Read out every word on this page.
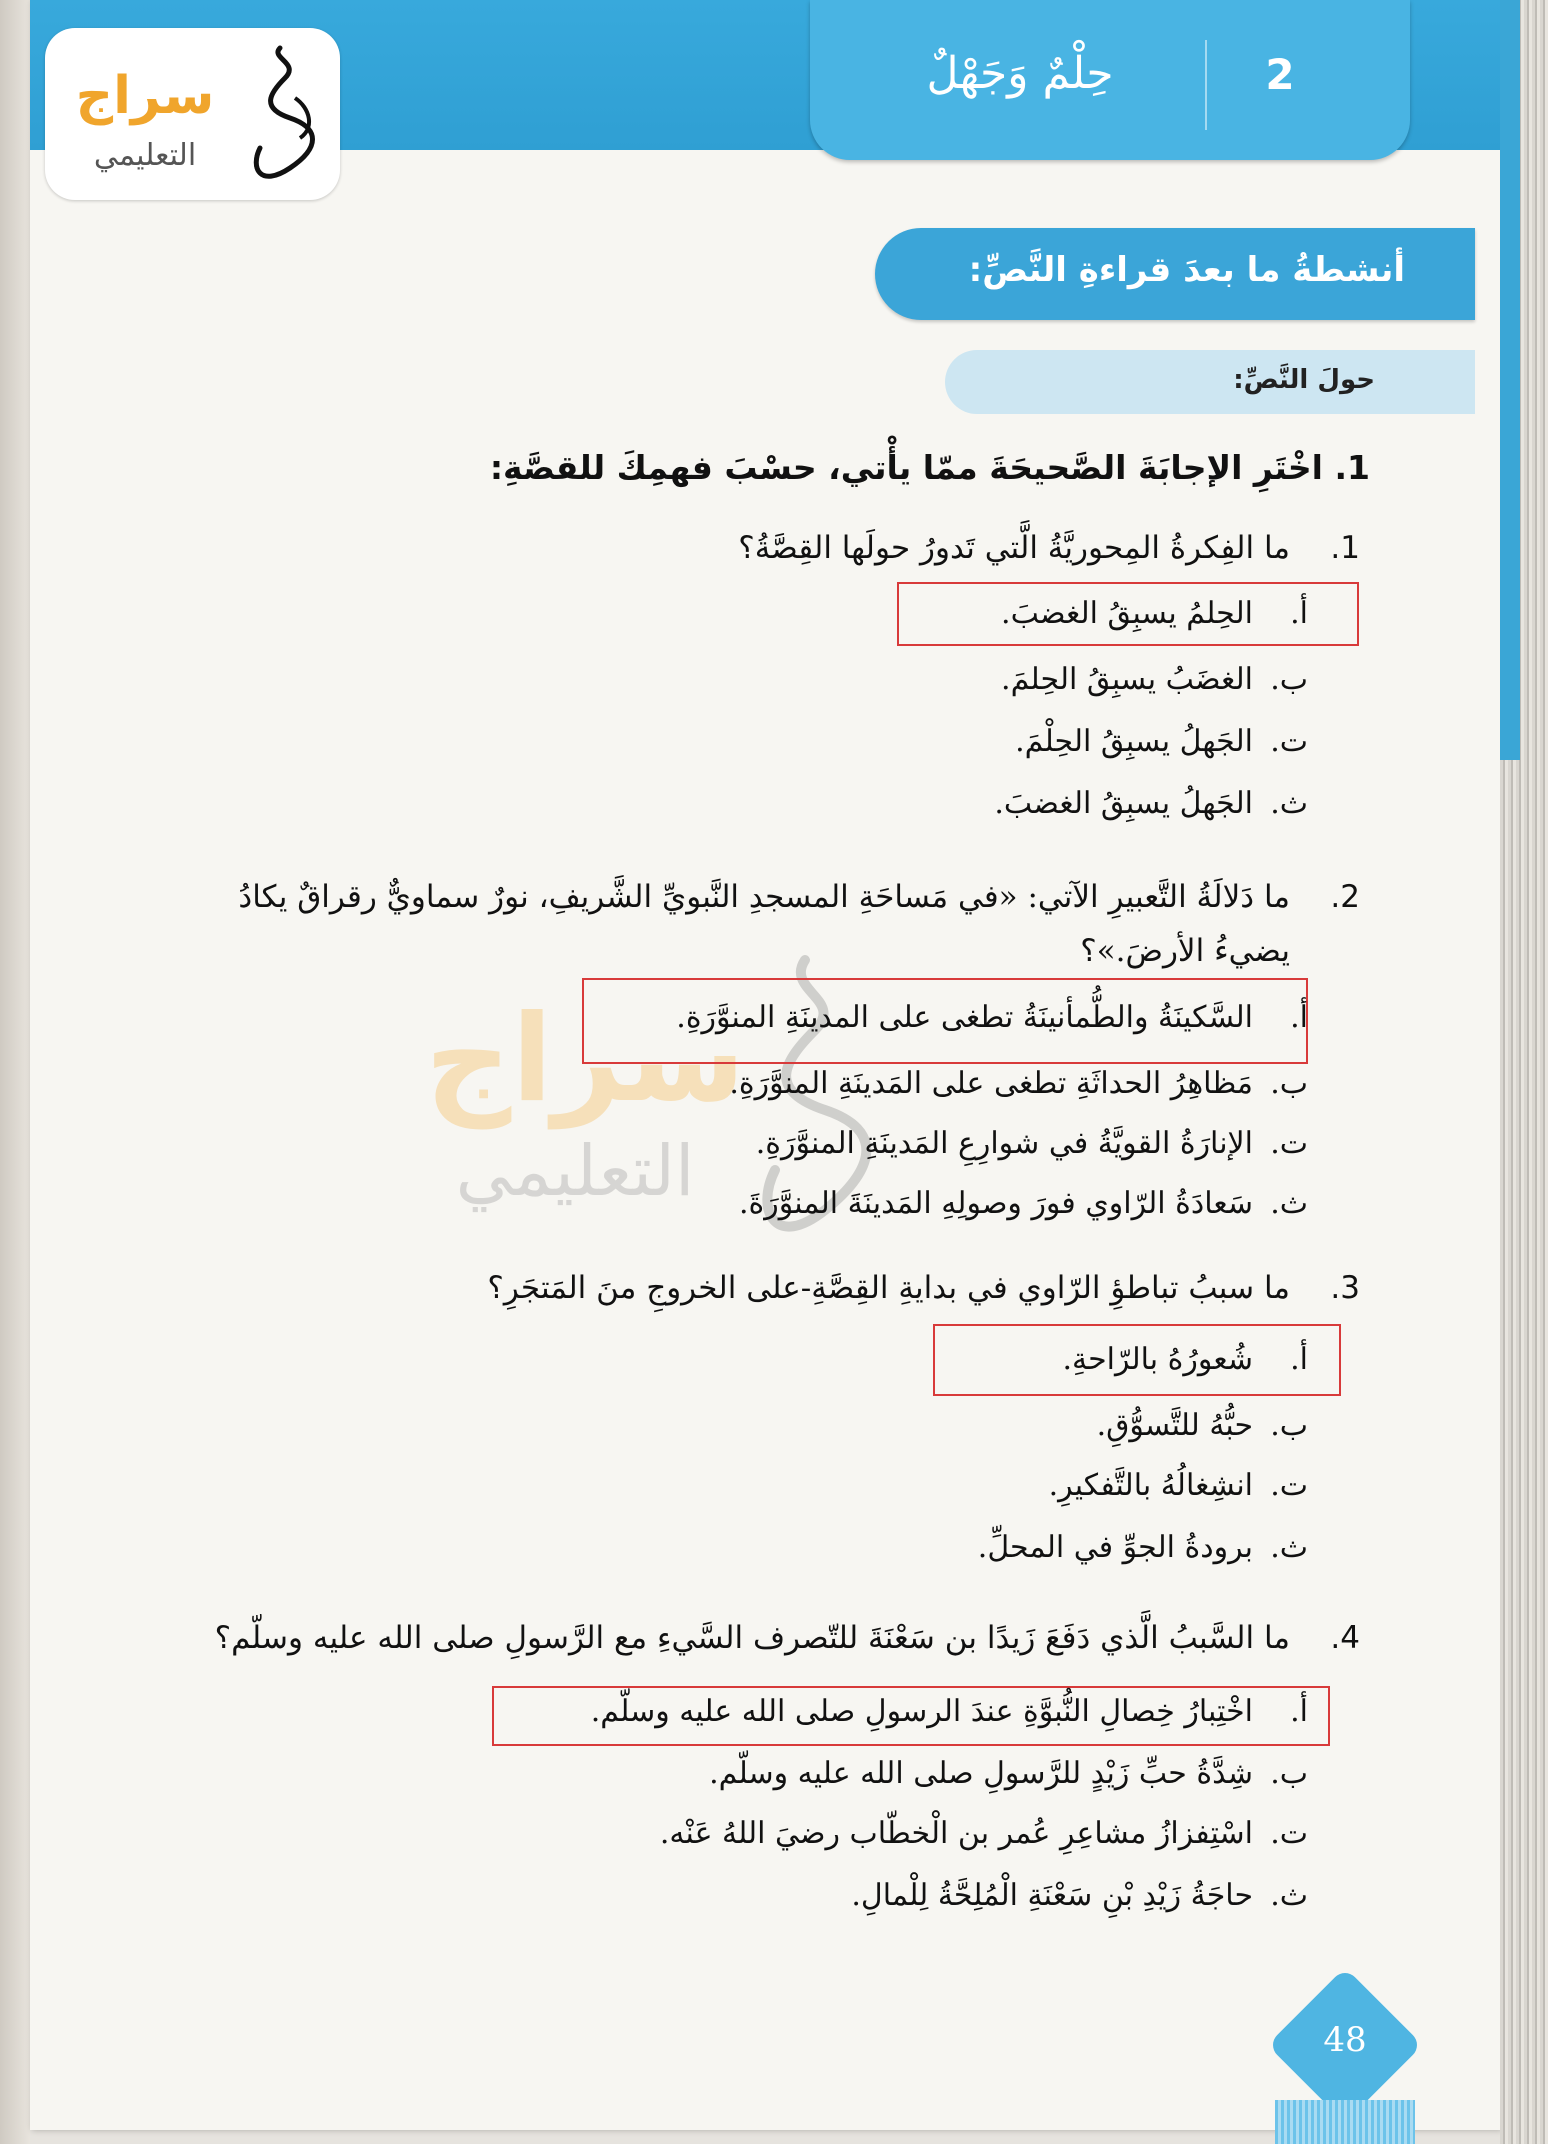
حِلْمٌ وَجَهْلٌ	2
سراج
التعليمي
سراج
التعليمي
أنشطةُ ما بعدَ قراءةِ النَّصِّ:
حولَ النَّصِّ:
1. اخْتَرِ الإجابَةَ الصَّحيحَةَ ممّا يأْتي، حسْبَ فهمِكَ للقصَّةِ:
1.
ما الفِكرةُ المِحوريَّةُ الَّتي تَدورُ حولَها القِصَّةُ؟
أ.
الحِلمُ يسبِقُ الغضبَ.
ب.
الغضَبُ يسبِقُ الحِلمَ.
ت.
الجَهلُ يسبِقُ الحِلْمَ.
ث.
الجَهلُ يسبِقُ الغضبَ.
2.
ما دَلالَةُ التَّعبيرِ الآتي: «في مَساحَةِ المسجدِ النَّبويِّ الشَّريفِ، نورٌ سماويٌّ رقراقٌ يكادُ يضيءُ الأرضَ.»؟
أ.
السَّكينَةُ والطُّمأنينَةُ تطغى على المدينَةِ المنوَّرَةِ.
ب.
مَظاهِرُ الحداثَةِ تطغى على المَدينَةِ المنوَّرَةِ.
ت.
الإنارَةُ القويَّةُ في شوارِعِ المَدينَةِ المنوَّرَةِ.
ث.
سَعادَةُ الرّاوي فورَ وصولِهِ المَدينَةَ المنوَّرَةَ.
3.
ما سببُ تباطؤِ الرّاوي في بدايةِ القِصَّةِ-على الخروجِ منَ المَتجَرِ؟
أ.
شُعورُهُ بالرّاحةِ.
ب.
حبُّهُ للتَّسوُّقِ.
ت.
انشِغالُهُ بالتَّفكيرِ.
ث.
برودةُ الجوِّ في المحلِّ.
4.
ما السَّببُ الَّذي دَفَعَ زَيدًا بن سَعْنَةَ للتّصرف السَّيءِ مع الرَّسولِ صلى الله عليه وسلّم؟
أ.
اخْتِبارُ خِصالِ النُّبوَّةِ عندَ الرسولِ صلى الله عليه وسلّم.
ب.
شِدَّةُ حبِّ زَيْدٍ للرَّسولِ صلى الله عليه وسلّم.
ت.
اسْتِفزازُ مشاعِرِ عُمر بن الْخطّاب رضيَ اللهُ عَنْه.
ث.
حاجَةُ زَيْدِ بْنِ سَعْنَةِ الْمُلِحَّةُ لِلْمالِ.
48
